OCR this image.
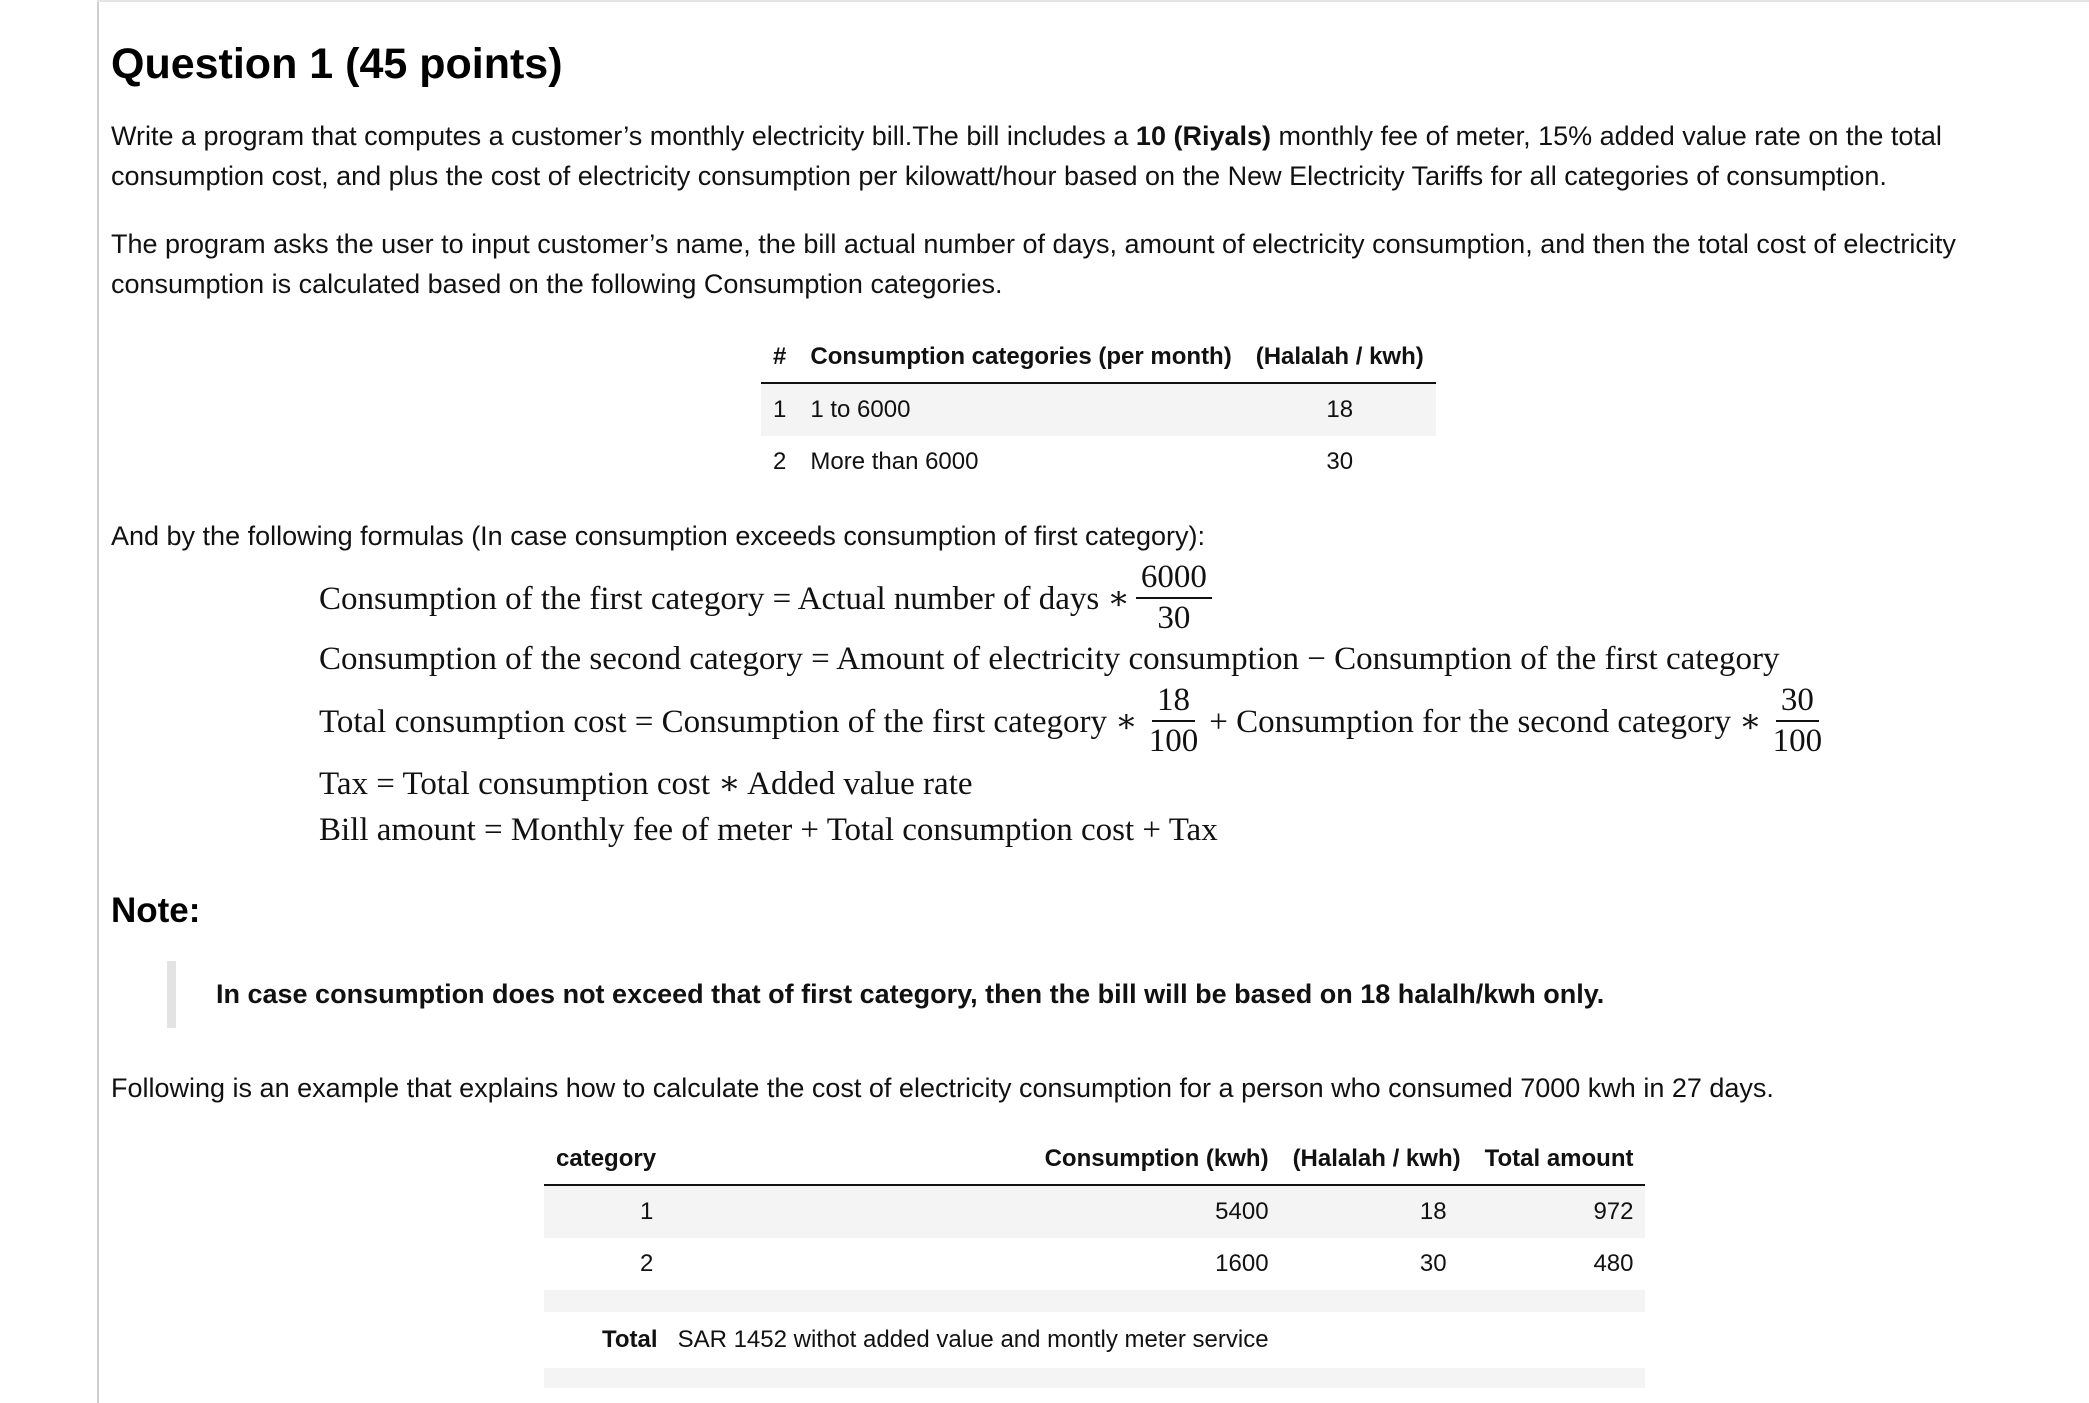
Question 1 (45 points)

Write a program that computes a customer’s monthly electricity bill.The bill includes a 10 (Riyals) monthly fee of meter, 15% added value rate on the total consumption cost, and plus the cost of electricity consumption per kilowatt/hour based on the New Electricity Tariffs for all categories of consumption.

The program asks the user to input customer’s name, the bill actual number of days, amount of electricity consumption, and then the total cost of electricity consumption is calculated based on the following Consumption categories.

#	Consumption categories (per month)	(Halalah / kwh)
1	1 to 6000	18
2	More than 6000	30

And by the following formulas (In case consumption exceeds consumption of first category):

Consumption of the first category = Actual number of days ∗ $\frac{6000}{30}$
Consumption of the second category = Amount of electricity consumption − Consumption of the first category
Total consumption cost = Consumption of the first category ∗ $\frac{18}{100}$ + Consumption for the second category ∗ $\frac{30}{100}$
Tax = Total consumption cost ∗ Added value rate
Bill amount = Monthly fee of meter + Total consumption cost + Tax
Note:
In case consumption does not exceed that of first category, then the bill will be based on 18 halalh/kwh only.

Following is an example that explains how to calculate the cost of electricity consumption for a person who consumed 7000 kwh in 27 days.

category	Consumption (kwh)	(Halalah / kwh)	Total amount
1	5400	18	972
2	1600	30	480

Total SAR 1452 withot added value and montly meter service			
